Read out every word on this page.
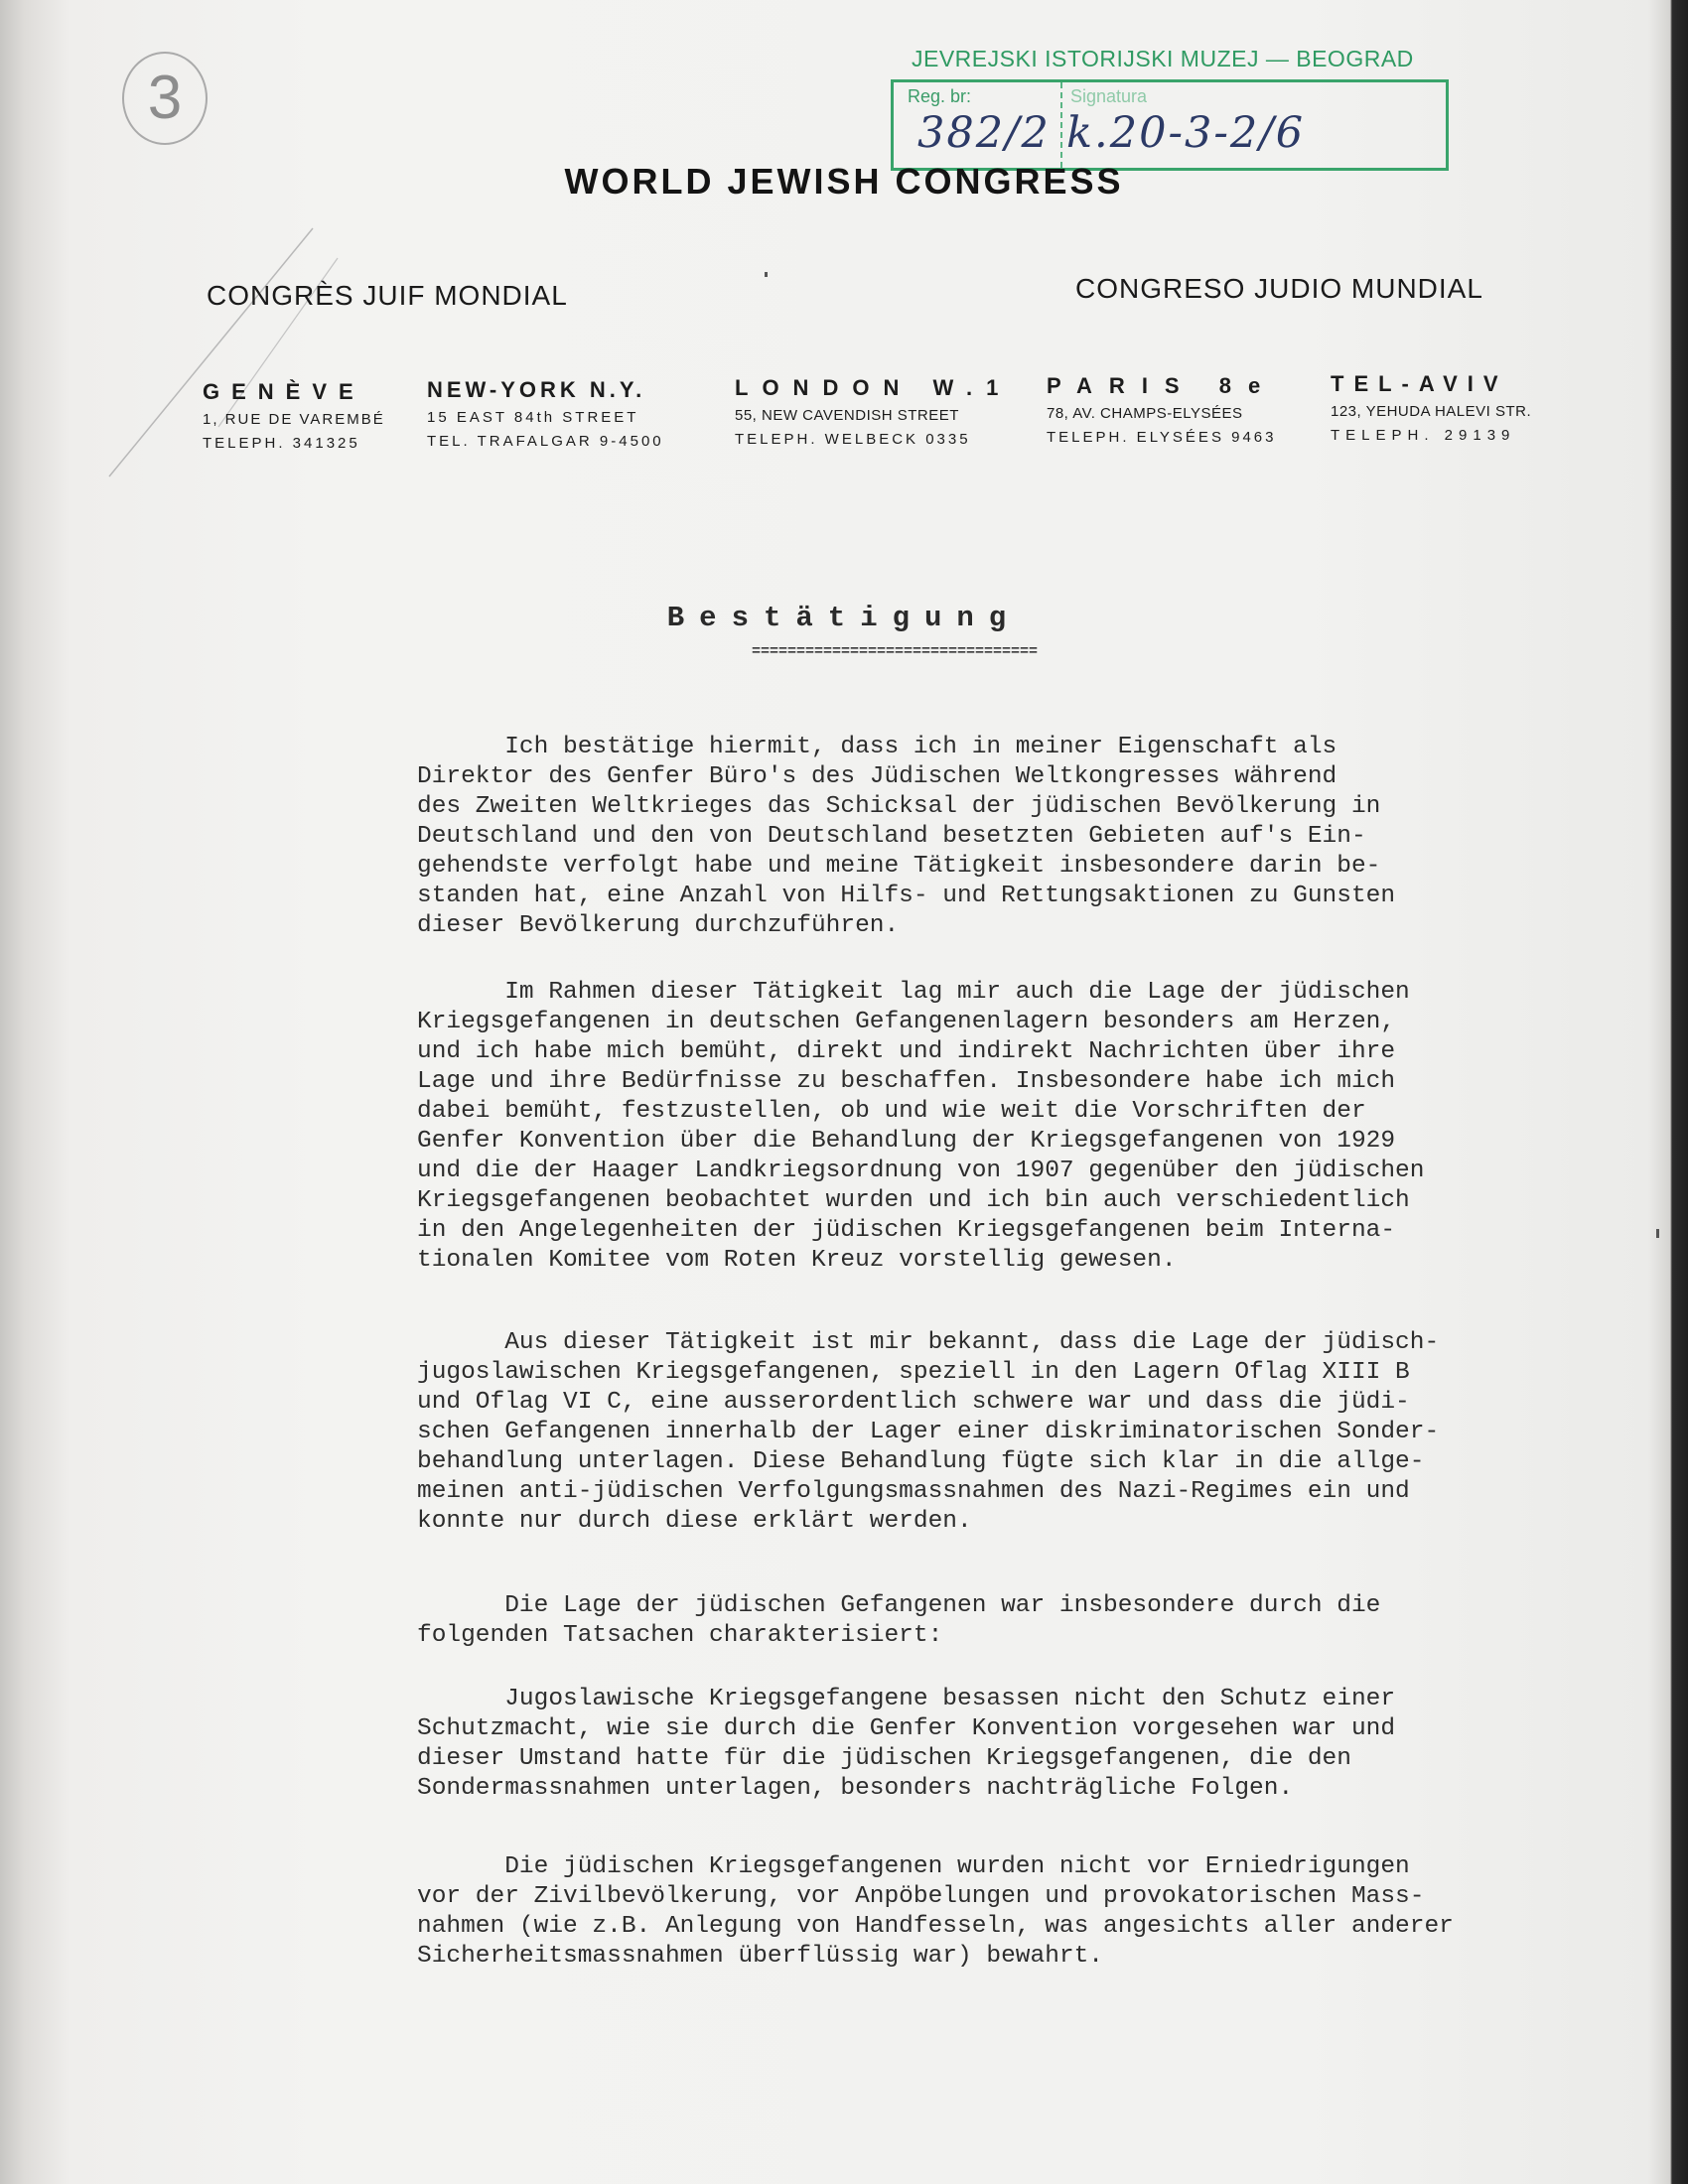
JEVREJSKI ISTORIJSKI MUZEJ — BEOGRAD
Reg. br:	Signatura
382/2 k.20-3-2/6
3
WORLD JEWISH CONGRESS
CONGRÈS JUIF MONDIAL	CONGRESO JUDIO MUNDIAL
GENÈVE
1, RUE DE VAREMBÉ
TELEPH. 341325
NEW-YORK N.Y.
15 EAST 84th STREET
TEL. TRAFALGAR 9-4500
LONDON W.1
55, NEW CAVENDISH STREET
TELEPH. WELBECK 0335
PARIS 8e
78, AV. CHAMPS-ELYSÉES
TELEPH. ELYSÉES 9463
TEL-AVIV
123, YEHUDA HALEVI STR.
TELEPH. 29139
Bestätigung
================================
Ich bestätige hiermit, dass ich in meiner Eigenschaft als
Direktor des Genfer Büro's des Jüdischen Weltkongresses während
des Zweiten Weltkrieges das Schicksal der jüdischen Bevölkerung in
Deutschland und den von Deutschland besetzten Gebieten auf's Ein-
gehendste verfolgt habe und meine Tätigkeit insbesondere darin be-
standen hat, eine Anzahl von Hilfs- und Rettungsaktionen zu Gunsten
dieser Bevölkerung durchzuführen.
Im Rahmen dieser Tätigkeit lag mir auch die Lage der jüdischen
Kriegsgefangenen in deutschen Gefangenenlagern besonders am Herzen,
und ich habe mich bemüht, direkt und indirekt Nachrichten über ihre
Lage und ihre Bedürfnisse zu beschaffen. Insbesondere habe ich mich
dabei bemüht, festzustellen, ob und wie weit die Vorschriften der
Genfer Konvention über die Behandlung der Kriegsgefangenen von 1929
und die der Haager Landkriegsordnung von 1907 gegenüber den jüdischen
Kriegsgefangenen beobachtet wurden und ich bin auch verschiedentlich
in den Angelegenheiten der jüdischen Kriegsgefangenen beim Interna-
tionalen Komitee vom Roten Kreuz vorstellig gewesen.
Aus dieser Tätigkeit ist mir bekannt, dass die Lage der jüdisch-
jugoslawischen Kriegsgefangenen, speziell in den Lagern Oflag XIII B
und Oflag VI C, eine ausserordentlich schwere war und dass die jüdi-
schen Gefangenen innerhalb der Lager einer diskriminatorischen Sonder-
behandlung unterlagen. Diese Behandlung fügte sich klar in die allge-
meinen anti-jüdischen Verfolgungsmassnahmen des Nazi-Regimes ein und
konnte nur durch diese erklärt werden.
Die Lage der jüdischen Gefangenen war insbesondere durch die
folgenden Tatsachen charakterisiert:
Jugoslawische Kriegsgefangene besassen nicht den Schutz einer
Schutzmacht, wie sie durch die Genfer Konvention vorgesehen war und
dieser Umstand hatte für die jüdischen Kriegsgefangenen, die den
Sondermassnahmen unterlagen, besonders nachträgliche Folgen.
Die jüdischen Kriegsgefangenen wurden nicht vor Erniedrigungen
vor der Zivilbevölkerung, vor Anpöbelungen und provokatorischen Mass-
nahmen (wie z.B. Anlegung von Handfesseln, was angesichts aller anderer
Sicherheitsmassnahmen überflüssig war) bewahrt.
